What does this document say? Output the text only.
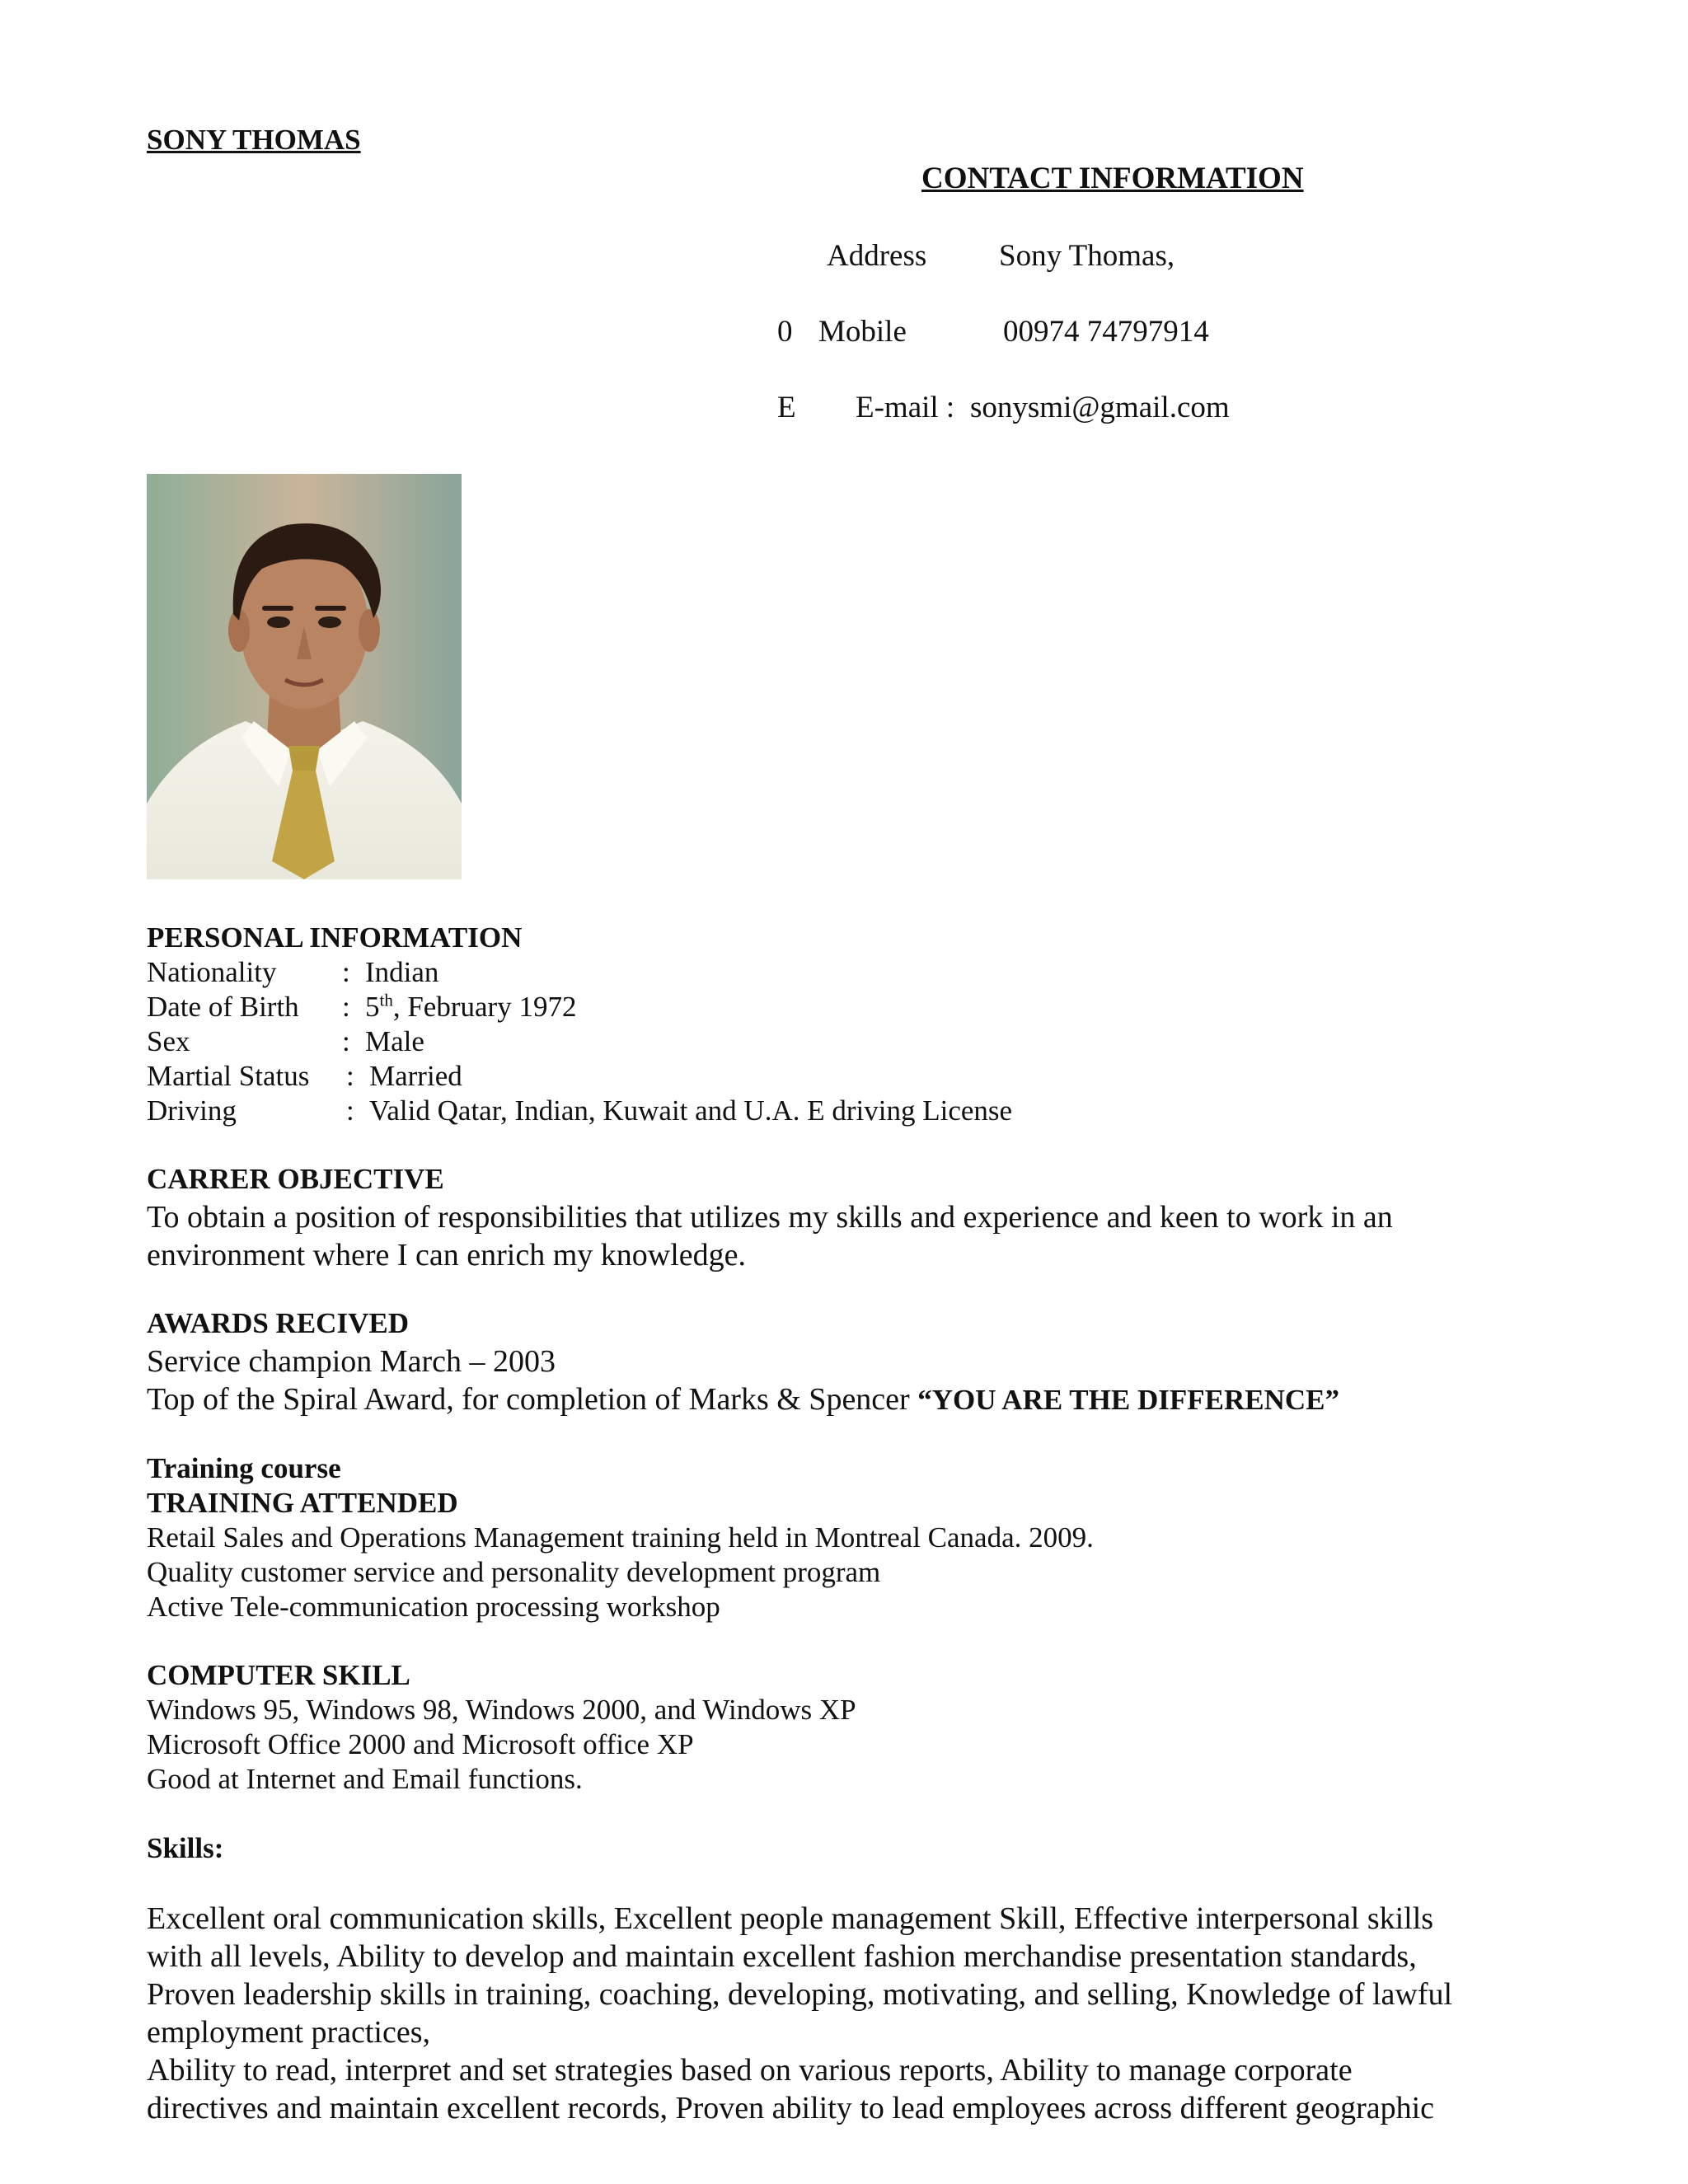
SONY THOMAS
CONTACT INFORMATION
Address Sony Thomas,
0 Mobile	00974 74797914
E E-mail : sonysmi@gmail.com
PERSONAL INFORMATION
Nationality : Indian
Date of Birth : 5th, February 1972
Sex	: Male
Martial Status : Married
Driving	: Valid Qatar, Indian, Kuwait and U.A. E driving License
CARRER OBJECTIVE
To obtain a position of responsibilities that utilizes my skills and experience and keen to work in an
environment where I can enrich my knowledge.
AWARDS RECIVED
Service champion March – 2003
Top of the Spiral Award, for completion of Marks & Spencer “YOU ARE THE DIFFERENCE”
Training course
TRAINING ATTENDED
Retail Sales and Operations Management training held in Montreal Canada. 2009.
Quality customer service and personality development program
Active Tele-communication processing workshop
COMPUTER SKILL
Windows 95, Windows 98, Windows 2000, and Windows XP
Microsoft Office 2000 and Microsoft office XP
Good at Internet and Email functions.
Skills:
Excellent oral communication skills, Excellent people management Skill, Effective interpersonal skills
with all levels, Ability to develop and maintain excellent fashion merchandise presentation standards,
Proven leadership skills in training, coaching, developing, motivating, and selling, Knowledge of lawful
employment practices,
Ability to read, interpret and set strategies based on various reports, Ability to manage corporate
directives and maintain excellent records, Proven ability to lead employees across different geographic
